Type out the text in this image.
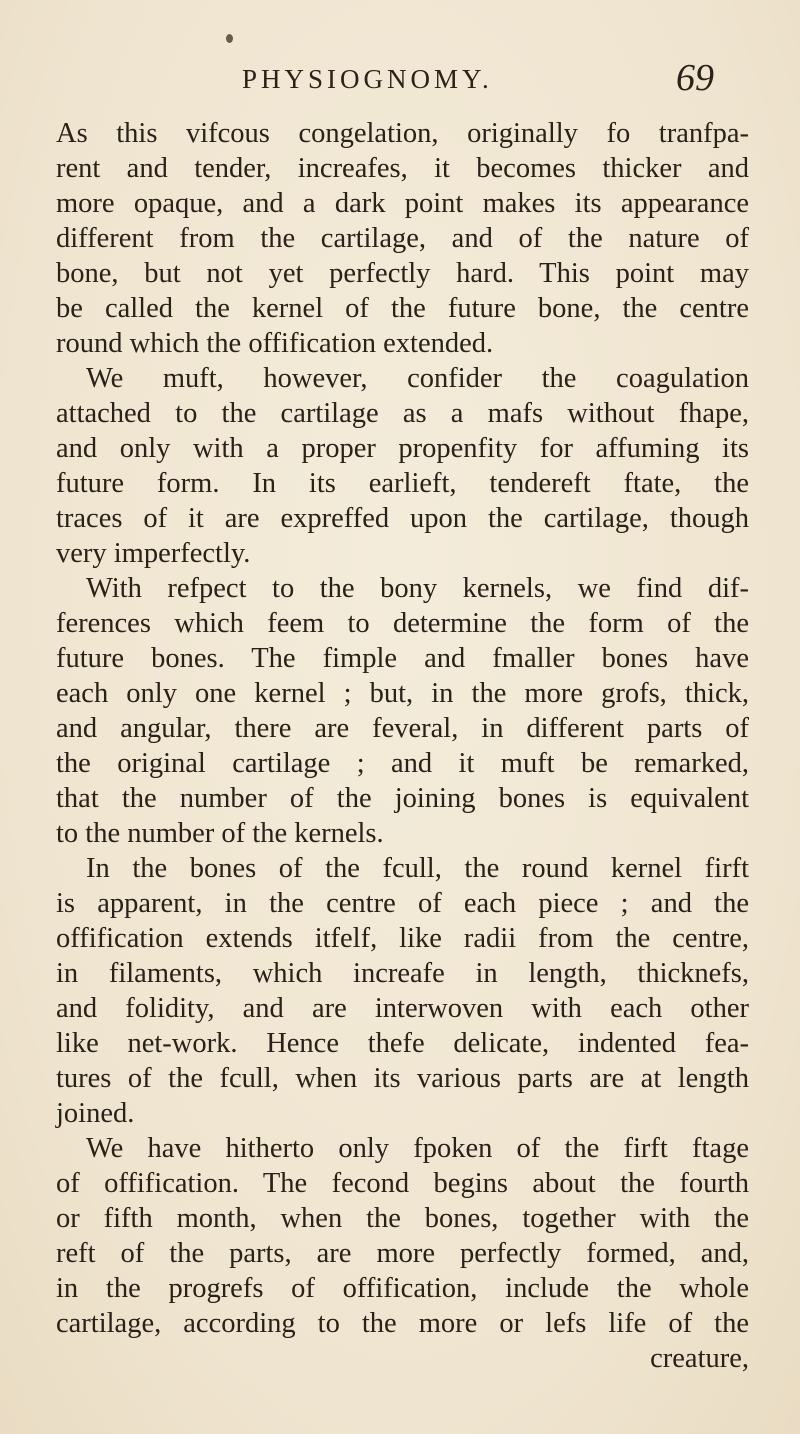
PHYSIOGNOMY.	69
As this vifcous congelation, originally fo tranfpa-
rent and tender, increafes, it becomes thicker and
more opaque, and a dark point makes its appearance
different from the cartilage, and of the nature of
bone, but not yet perfectly hard. This point may
be called the kernel of the future bone, the centre
round which the offification extended.
We muft, however, confider the coagulation
attached to the cartilage as a mafs without fhape,
and only with a proper propenfity for affuming its
future form. In its earlieft, tendereft ftate, the
traces of it are expreffed upon the cartilage, though
very imperfectly.
With refpect to the bony kernels, we find dif-
ferences which feem to determine the form of the
future bones. The fimple and fmaller bones have
each only one kernel ; but, in the more grofs, thick,
and angular, there are feveral, in different parts of
the original cartilage ; and it muft be remarked,
that the number of the joining bones is equivalent
to the number of the kernels.
In the bones of the fcull, the round kernel firft
is apparent, in the centre of each piece ; and the
offification extends itfelf, like radii from the centre,
in filaments, which increafe in length, thicknefs,
and folidity, and are interwoven with each other
like net-work. Hence thefe delicate, indented fea-
tures of the fcull, when its various parts are at length
joined.
We have hitherto only fpoken of the firft ftage
of offification. The fecond begins about the fourth
or fifth month, when the bones, together with the
reft of the parts, are more perfectly formed, and,
in the progrefs of offification, include the whole
cartilage, according to the more or lefs life of the
creature,
